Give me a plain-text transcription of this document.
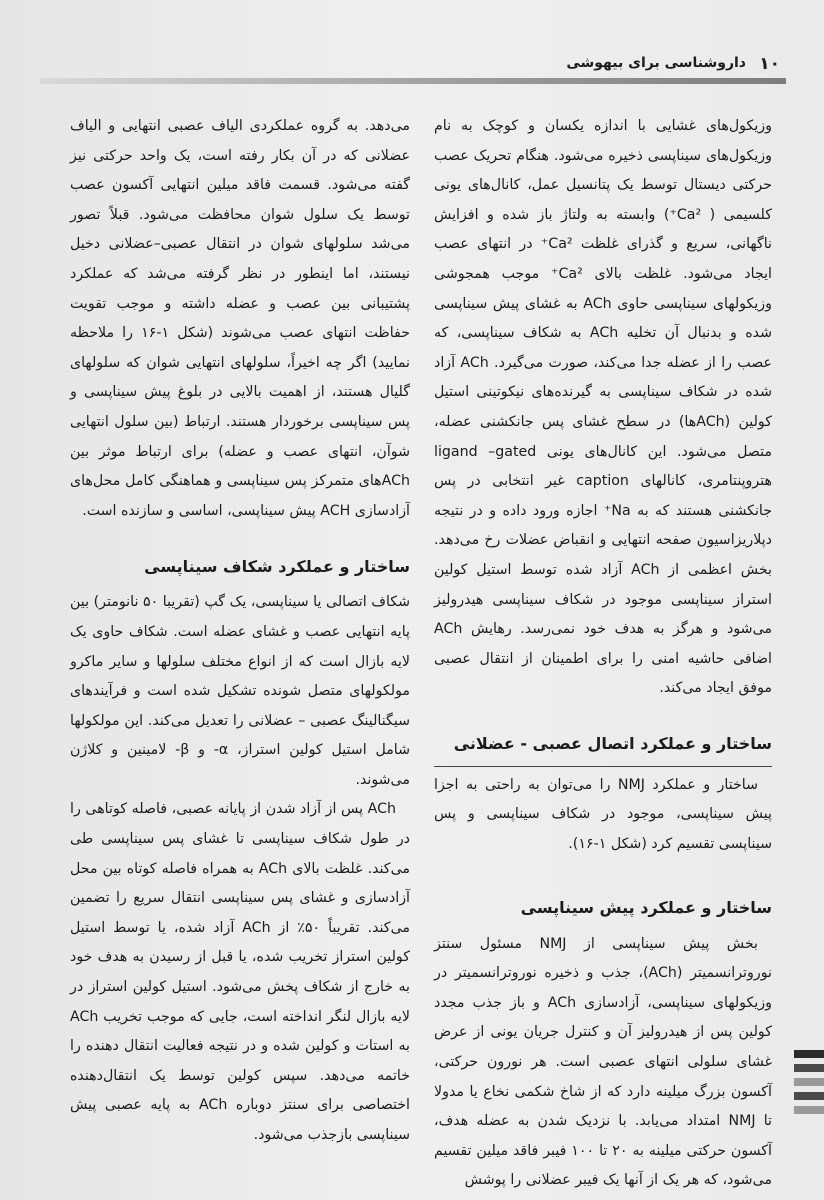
۱۰
داروشناسی برای بیهوشی

وزیکول‌های غشایی با اندازه یکسان و کوچک به نام وزیکول‌های سیناپسی ذخیره می‌شود. هنگام تحریک عصب حرکتی دیستال توسط یک پتانسیل عمل، کانال‌های یونی کلسیمی ( Ca²⁺) وابسته به ولتاژ باز شده و افزایش ناگهانی، سریع و گذرای غلظت Ca²⁺ در انتهای عصب ایجاد می‌شود. غلظت بالای Ca²⁺ موجب همجوشی وزیکولهای سیناپسی حاوی ACh به غشای پیش سیناپسی شده و بدنبال آن تخلیه ACh به شکاف سیناپسی، که عصب را از عضله جدا می‌کند، صورت می‌گیرد. ACh آزاد شده در شکاف سیناپسی به گیرنده‌های نیکوتینی استیل کولین (AChها) در سطح غشای پس جانکشنی عضله، متصل می‌شود. این کانال‌های یونی ligand –gated هتروپنتامری، کانالهای caption غیر انتخابی در پس جانکشنی هستند که به Na⁺ اجازه ورود داده و در نتیجه دپلاریزاسیون صفحه انتهایی و انقباض عضلات رخ می‌دهد. بخش اعظمی از ACh آزاد شده توسط استیل کولین استراز سیناپسی موجود در شکاف سیناپسی هیدرولیز می‌شود و هرگز به هدف خود نمی‌رسد. رهایش ACh اضافی حاشیه امنی را برای اطمینان از انتقال عصبی موفق ایجاد می‌کند.

ساختار و عملکرد اتصال عصبی - عضلانی

ساختار و عملکرد NMJ را می‌توان به راحتی به اجزا پیش سیناپسی، موجود در شکاف سیناپسی و پس سیناپسی تقسیم کرد (شکل ۱-۱۶).

ساختار و عملکرد پیش سیناپسی

بخش پیش سیناپسی از NMJ مسئول سنتز نوروترانسمیتر (ACh)، جذب و ذخیره نوروترانسمیتر در وزیکولهای سیناپسی، آزادسازی ACh و باز جذب مجدد کولین پس از هیدرولیز آن و کنترل جریان یونی از عرض غشای سلولی انتهای عصبی است. هر نورون حرکتی، آکسون بزرگ میلینه دارد که از شاخ شکمی نخاع یا مدولا تا NMJ امتداد می‌یابد. با نزدیک شدن به عضله هدف، آکسون حرکتی میلینه به ۲۰ تا ۱۰۰ فیبر فاقد میلین تقسیم می‌شود، که هر یک از آنها یک فیبر عضلانی را پوشش

می‌دهد. به گروه عملکردی الیاف عصبی انتهایی و الیاف عضلانی که در آن بکار رفته است، یک واحد حرکتی نیز گفته می‌شود. قسمت فاقد میلین انتهایی آکسون عصب توسط یک سلول شوان محافظت می‌شود. قبلاً تصور می‌شد سلولهای شوان در انتقال عصبی–عضلانی دخیل نیستند، اما اینطور در نظر گرفته می‌شد که عملکرد پشتیبانی بین عصب و عضله داشته و موجب تقویت حفاظت انتهای عصب می‌شوند (شکل ۱-۱۶ را ملاحظه نمایید) اگر چه اخیراً، سلولهای انتهایی شوان که سلولهای گلیال هستند، از اهمیت بالایی در بلوغ پیش سیناپسی و پس سیناپسی برخوردار هستند. ارتباط (بین سلول انتهایی شوآن، انتهای عصب و عضله) برای ارتباط موثر بین AChهای متمرکز پس سیناپسی و هماهنگی کامل محل‌های آزادسازی ACH پیش سیناپسی، اساسی و سازنده است.

ساختار و عملکرد شکاف سیناپسی

شکاف اتصالی یا سیناپسی، یک گپ (تقریبا ۵۰ نانومتر) بین پایه انتهایی عصب و غشای عضله است. شکاف حاوی یک لایه بازال است که از انواع مختلف سلولها و سایر ماکرو مولکولهای متصل شونده تشکیل شده است و فرآیندهای سیگنالینگ عصبی – عضلانی را تعدیل می‌کند. این مولکولها شامل استیل کولین استراز، α- و β- لامینین و کلاژن می‌شوند.

ACh پس از آزاد شدن از پایانه عصبی، فاصله کوتاهی را در طول شکاف سیناپسی تا غشای پس سیناپسی طی می‌کند. غلظت بالای ACh به همراه فاصله کوتاه بین محل آزادسازی و غشای پس سیناپسی انتقال سریع را تضمین می‌کند. تقریباً ۵۰٪ از ACh آزاد شده، یا توسط استیل کولین استراز تخریب شده، یا قبل از رسیدن به هدف خود به خارج از شکاف پخش می‌شود. استیل کولین استراز در لایه بازال لنگر انداخته است، جایی که موجب تخریب ACh به استات و کولین شده و در نتیجه فعالیت انتقال دهنده را خاتمه می‌دهد. سپس کولین توسط یک انتقال‌دهنده اختصاصی برای سنتز دوباره ACh به پایه عصبی پیش سیناپسی بازجذب می‌شود.
